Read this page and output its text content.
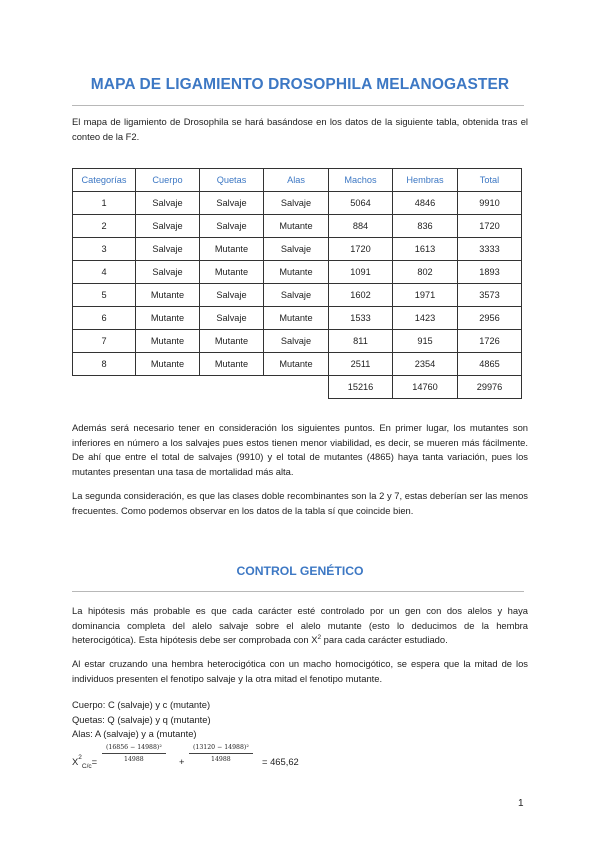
MAPA DE LIGAMIENTO DROSOPHILA MELANOGASTER

El mapa de ligamiento de Drosophila se hará basándose en los datos de la siguiente tabla, obtenida tras el conteo de la F2.

Categorías	Cuerpo	Quetas	Alas	Machos	Hembras	Total
1	Salvaje	Salvaje	Salvaje	5064	4846	9910
2	Salvaje	Salvaje	Mutante	884	836	1720
3	Salvaje	Mutante	Salvaje	1720	1613	3333
4	Salvaje	Mutante	Mutante	1091	802	1893
5	Mutante	Salvaje	Salvaje	1602	1971	3573
6	Mutante	Salvaje	Mutante	1533	1423	2956
7	Mutante	Mutante	Salvaje	811	915	1726
8	Mutante	Mutante	Mutante	2511	2354	4865
				15216	14760	29976

Además será necesario tener en consideración los siguientes puntos. En primer lugar, los mutantes son inferiores en número a los salvajes pues estos tienen menor viabilidad, es decir, se mueren más fácilmente. De ahí que entre el total de salvajes (9910) y el total de mutantes (4865) haya tanta variación, pues los mutantes presentan una tasa de mortalidad más alta.

La segunda consideración, es que las clases doble recombinantes son la 2 y 7, estas deberían ser las menos frecuentes. Como podemos observar en los datos de la tabla sí que coincide bien.

CONTROL GENÉTICO

La hipótesis más probable es que cada carácter esté controlado por un gen con dos alelos y haya dominancia completa del alelo salvaje sobre el alelo mutante (esto lo deducimos de la hembra heterocigótica). Esta hipótesis debe ser comprobada con $X^2$ para cada carácter estudiado.

Al estar cruzando una hembra heterocigótica con un macho homocigótico, se espera que la mitad de los individuos presenten el fenotipo salvaje y la otra mitad el fenotipo mutante.

Cuerpo: C (salvaje) y c (mutante)
Quetas: Q (salvaje) y q (mutante)
Alas: A (salvaje) y a (mutante)
$X^2_{C/c}= \frac{\text{(16856 − 14988)²}}{14988} + \frac{\text{(13120 − 14988)²}}{14988} = 465,62$
1
